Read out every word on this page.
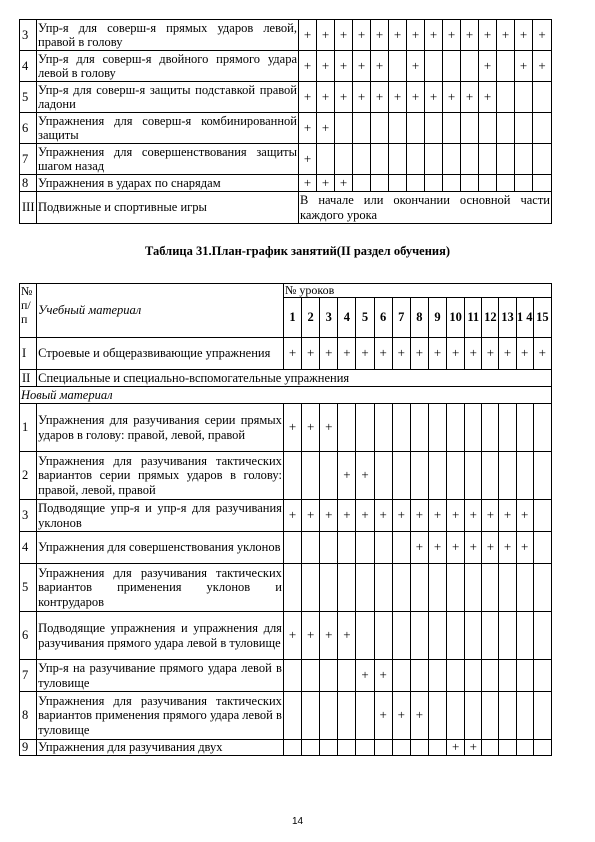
3	Упр-я для соверш-я прямых ударов левой, правой в голову	+	+	+	+	+	+	+	+	+	+	+	+	+	+
4	Упр-я для соверш-я двойного прямого удара левой в голову	+	+	+	+	+		+				+		+	+
5	Упр-я для соверш-я защиты подставкой правой ладони	+	+	+	+	+	+	+	+	+	+	+			
6	Упражнения для соверш-я комбинированной защиты	+	+												
7	Упражнения для совершенствования защиты шагом назад	+													
8	Упражнения в ударах по снарядам	+	+	+											
III	Подвижные и спортивные игры	В начале или окончании основной части каждого урока													
Таблица 31.План-график занятий(II раздел обучения)
№ п/п	Учебный материал	№ уроков														
		1	2	3	4	5	6	7	8	9	10	11	12	13	1 4	15
I	Строевые и общеразвивающие упражнения	+	+	+	+	+	+	+	+	+	+	+	+	+	+	+
II	Специальные и специально-вспомогательные упражнения															
Новый материал																
1	Упражнения для разучивания серии прямых ударов в голову: правой, левой, правой	+	+	+												
2	Упражнения для разучивания тактических вариантов серии прямых ударов в голову: правой, левой, правой				+	+										
3	Подводящие упр-я и упр-я для разучивания уклонов	+	+	+	+	+	+	+	+	+	+	+	+	+	+	
4	Упражнения для совершенствования уклонов								+	+	+	+	+	+	+	
5	Упражнения для разучивания тактических вариантов применения уклонов и контрударов															
6	Подводящие упражнения и упражнения для разучивания прямого удара левой в туловище	+	+	+	+											
7	Упр-я на разучивание прямого удара левой в туловище					+	+									
8	Упражнения для разучивания тактических вариантов применения прямого удара левой в туловище						+	+	+							
9	Упражнения для разучивания двух										+	+				
14
